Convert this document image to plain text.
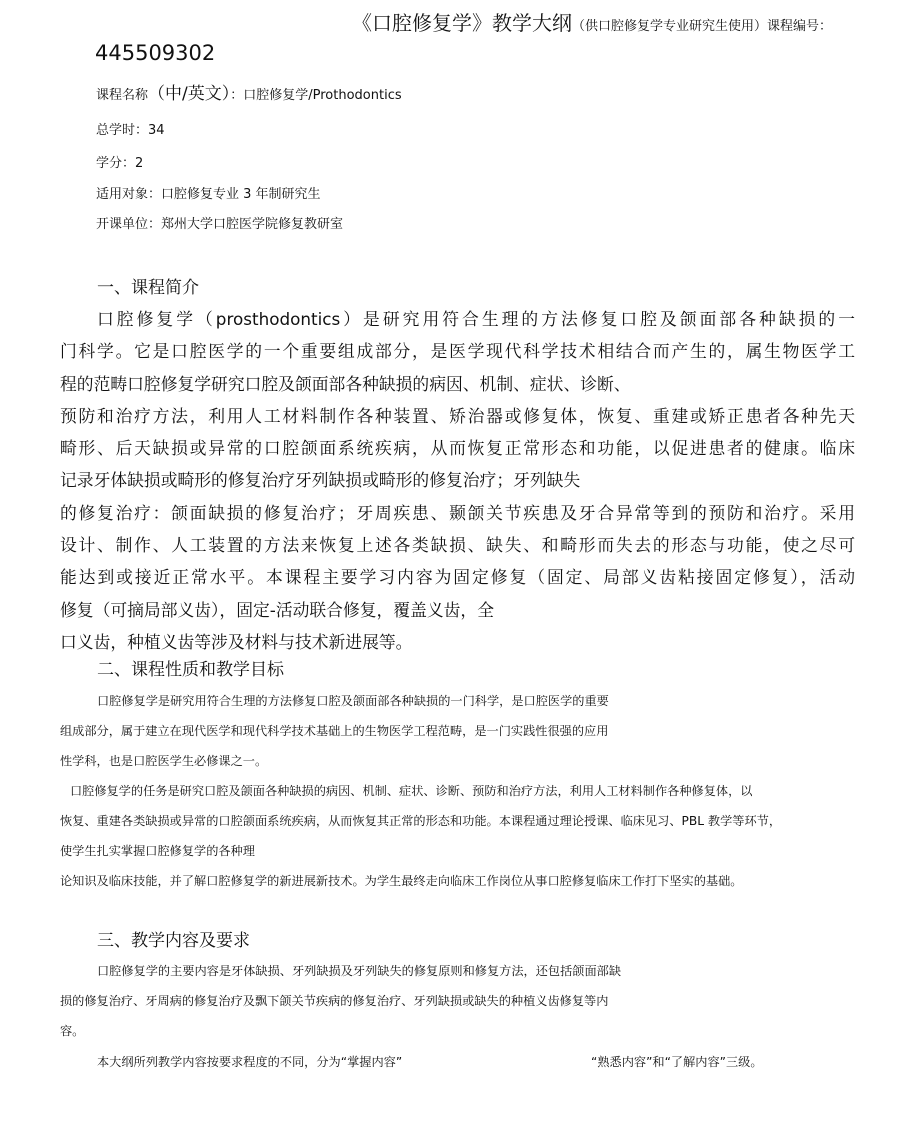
《口腔修复学》教学大纲（供口腔修复学专业研究生使用）课程编号：
445509302
课程名称（中/英文）：口腔修复学/Prothodontics
总学时：34
学分：2
适用对象：口腔修复专业 3 年制研究生
开课单位：郑州大学口腔医学院修复教研室
一、课程简介
口腔修复学（prosthodontics）是研究用符合生理的方法修复口腔及颌面部各种缺损的一
门科学。它是口腔医学的一个重要组成部分，是医学现代科学技术相结合而产生的，属生物医学工
程的范畴口腔修复学研究口腔及颌面部各种缺损的病因、机制、症状、诊断、
预防和治疗方法，利用人工材料制作各种装置、矫治器或修复体，恢复、重建或矫正患者各种先天
畸形、后天缺损或异常的口腔颌面系统疾病，从而恢复正常形态和功能，以促进患者的健康。临床
记录牙体缺损或畸形的修复治疗牙列缺损或畸形的修复治疗；牙列缺失
的修复治疗：颌面缺损的修复治疗；牙周疾患、颞颌关节疾患及牙合异常等到的预防和治疗。采用
设计、制作、人工装置的方法来恢复上述各类缺损、缺失、和畸形而失去的形态与功能，使之尽可
能达到或接近正常水平。本课程主要学习内容为固定修复（固定、局部义齿粘接固定修复），活动
修复（可摘局部义齿），固定-活动联合修复，覆盖义齿，全
口义齿，种植义齿等涉及材料与技术新进展等。
二、课程性质和教学目标
口腔修复学是研究用符合生理的方法修复口腔及颌面部各种缺损的一门科学，是口腔医学的重要
组成部分，属于建立在现代医学和现代科学技术基础上的生物医学工程范畴，是一门实践性很强的应用
性学科，也是口腔医学生必修课之一。
口腔修复学的任务是研究口腔及颌面各种缺损的病因、机制、症状、诊断、预防和治疗方法，利用人工材料制作各种修复体，以
恢复、重建各类缺损或异常的口腔颌面系统疾病，从而恢复其正常的形态和功能。本课程通过理论授课、临床见习、PBL 教学等环节，
使学生扎实掌握口腔修复学的各种理
论知识及临床技能，并了解口腔修复学的新进展新技术。为学生最终走向临床工作岗位从事口腔修复临床工作打下坚实的基础。
三、教学内容及要求
口腔修复学的主要内容是牙体缺损、牙列缺损及牙列缺失的修复原则和修复方法，还包括颌面部缺
损的修复治疗、牙周病的修复治疗及飘下颌关节疾病的修复治疗、牙列缺损或缺失的种植义齿修复等内
容。
本大纲所列教学内容按要求程度的不同，分为“掌握内容”	“熟悉内容”和“了解内容”三级。
